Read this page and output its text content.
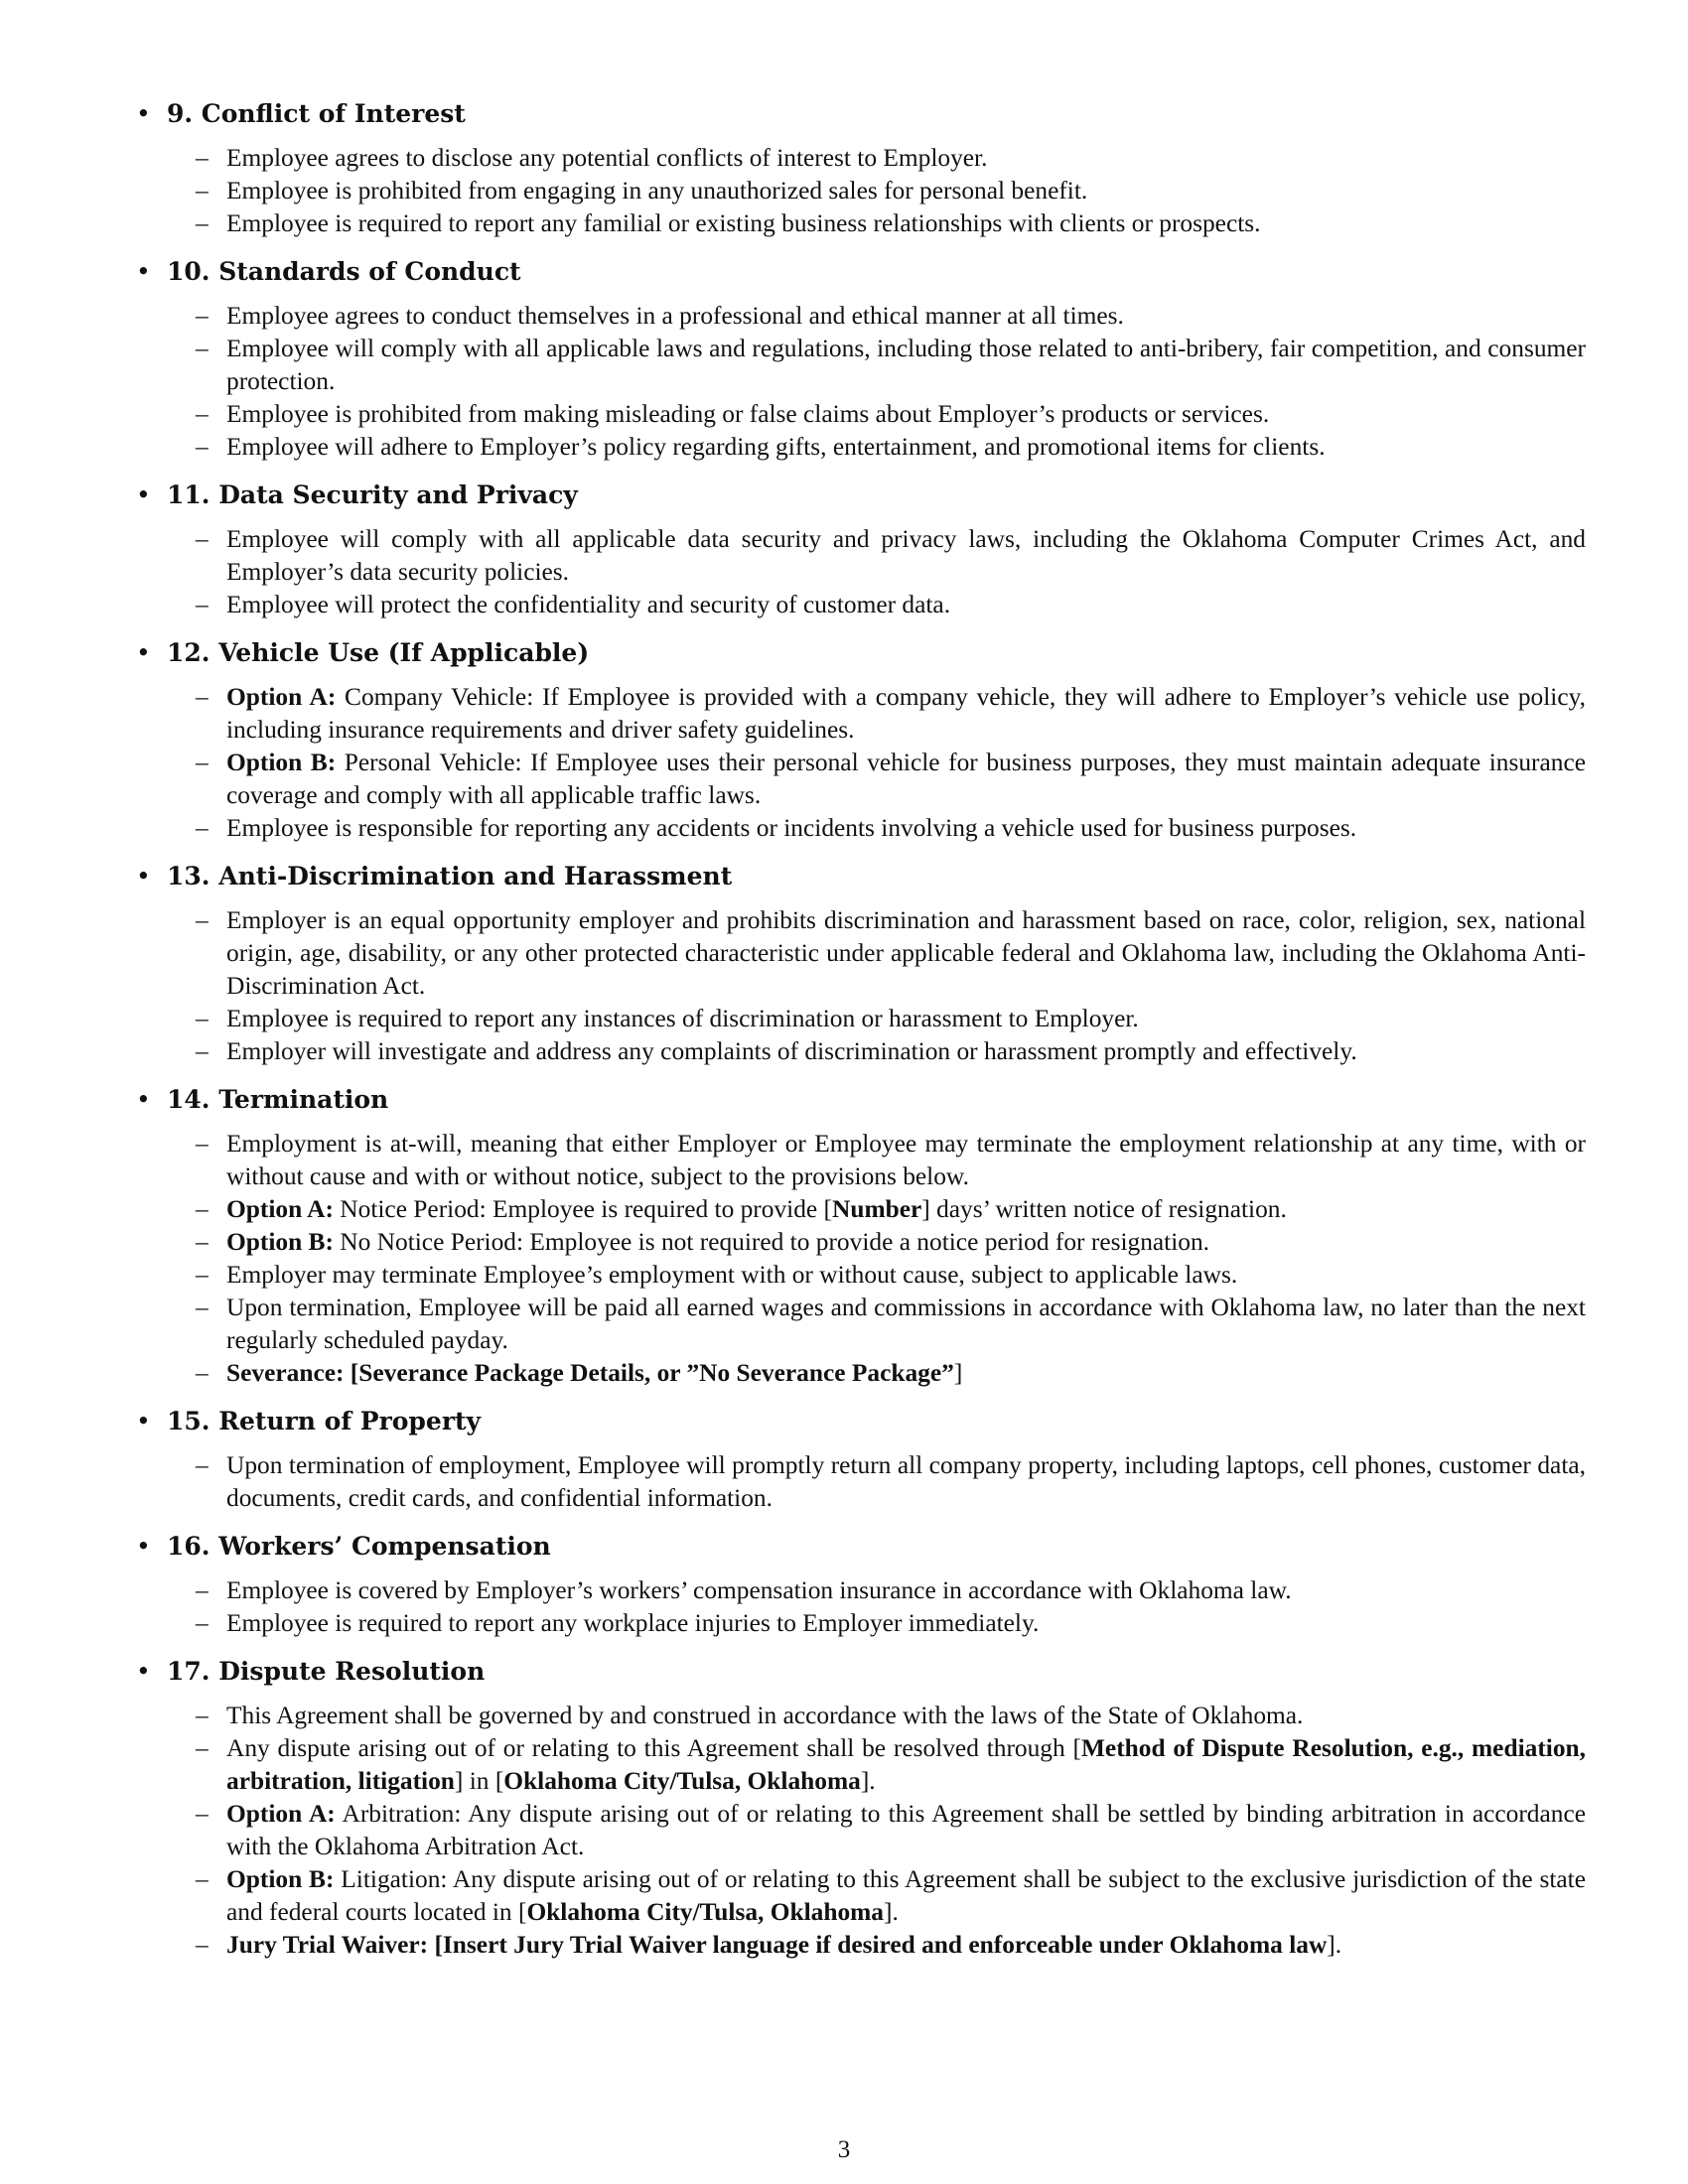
• 9. Conflict of Interest
– Employee agrees to disclose any potential conflicts of interest to Employer.
– Employee is prohibited from engaging in any unauthorized sales for personal benefit.
– Employee is required to report any familial or existing business relationships with clients or prospects.
• 10. Standards of Conduct
– Employee agrees to conduct themselves in a professional and ethical manner at all times.
– Employee will comply with all applicable laws and regulations, including those related to anti-bribery, fair competition, and consumer protection.
– Employee is prohibited from making misleading or false claims about Employer’s products or services.
– Employee will adhere to Employer’s policy regarding gifts, entertainment, and promotional items for clients.
• 11. Data Security and Privacy
– Employee will comply with all applicable data security and privacy laws, including the Oklahoma Computer Crimes Act, and Employer’s data security policies.
– Employee will protect the confidentiality and security of customer data.
• 12. Vehicle Use (If Applicable)
– Option A: Company Vehicle: If Employee is provided with a company vehicle, they will adhere to Employer’s vehicle use policy, including insurance requirements and driver safety guidelines.
– Option B: Personal Vehicle: If Employee uses their personal vehicle for business purposes, they must maintain adequate insurance coverage and comply with all applicable traffic laws.
– Employee is responsible for reporting any accidents or incidents involving a vehicle used for business purposes.
• 13. Anti-Discrimination and Harassment
– Employer is an equal opportunity employer and prohibits discrimination and harassment based on race, color, religion, sex, national origin, age, disability, or any other protected characteristic under applicable federal and Oklahoma law, including the Oklahoma Anti-Discrimination Act.
– Employee is required to report any instances of discrimination or harassment to Employer.
– Employer will investigate and address any complaints of discrimination or harassment promptly and effectively.
• 14. Termination
– Employment is at-will, meaning that either Employer or Employee may terminate the employment relationship at any time, with or without cause and with or without notice, subject to the provisions below.
– Option A: Notice Period: Employee is required to provide [Number] days’ written notice of resignation.
– Option B: No Notice Period: Employee is not required to provide a notice period for resignation.
– Employer may terminate Employee’s employment with or without cause, subject to applicable laws.
– Upon termination, Employee will be paid all earned wages and commissions in accordance with Oklahoma law, no later than the next regularly scheduled payday.
– Severance: [Severance Package Details, or ”No Severance Package”]
• 15. Return of Property
– Upon termination of employment, Employee will promptly return all company property, including laptops, cell phones, customer data, documents, credit cards, and confidential information.
• 16. Workers’ Compensation
– Employee is covered by Employer’s workers’ compensation insurance in accordance with Oklahoma law.
– Employee is required to report any workplace injuries to Employer immediately.
• 17. Dispute Resolution
– This Agreement shall be governed by and construed in accordance with the laws of the State of Oklahoma.
– Any dispute arising out of or relating to this Agreement shall be resolved through [Method of Dispute Resolution, e.g., mediation, arbitration, litigation] in [Oklahoma City/Tulsa, Oklahoma].
– Option A: Arbitration: Any dispute arising out of or relating to this Agreement shall be settled by binding arbitration in accordance with the Oklahoma Arbitration Act.
– Option B: Litigation: Any dispute arising out of or relating to this Agreement shall be subject to the exclusive jurisdiction of the state and federal courts located in [Oklahoma City/Tulsa, Oklahoma].
– Jury Trial Waiver: [Insert Jury Trial Waiver language if desired and enforceable under Oklahoma law].
3
